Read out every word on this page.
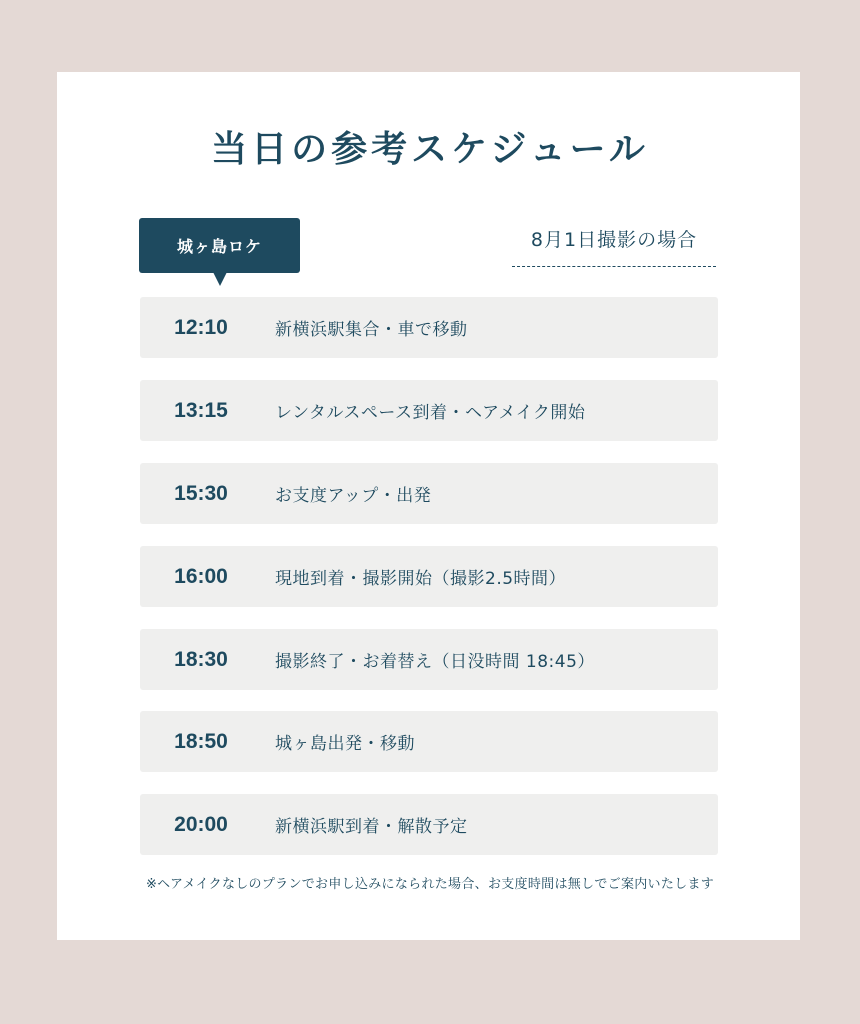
当日の参考スケジュール
城ヶ島ロケ	8月1日撮影の場合
12:10	新横浜駅集合・車で移動
13:15	レンタルスペース到着・ヘアメイク開始
15:30	お支度アップ・出発
16:00	現地到着・撮影開始（撮影2.5時間）
18:30	撮影終了・お着替え（日没時間 18:45）
18:50	城ヶ島出発・移動
20:00	新横浜駅到着・解散予定
※ヘアメイクなしのプランでお申し込みになられた場合、お支度時間は無しでご案内いたします
